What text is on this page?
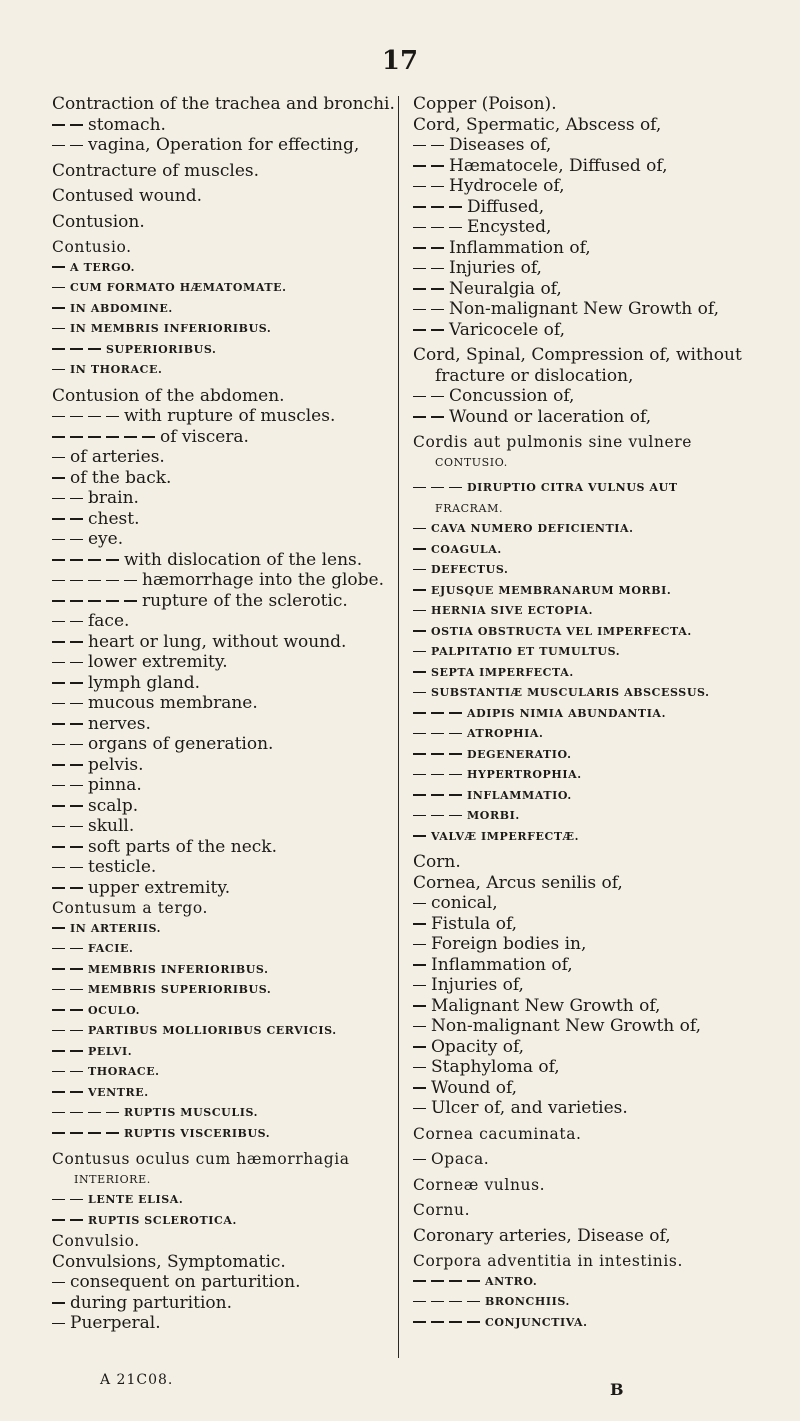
17
Contraction of the trachea and bronchi.
stomach.
vagina, Operation for effecting,
Contracture of muscles.
Contused wound.
Contusion.
Contusio.
A TERGO.
CUM FORMATO HÆMATOMATE.
IN ABDOMINE.
IN MEMBRIS INFERIORIBUS.
SUPERIORIBUS.
IN THORACE.
Contusion of the abdomen.
with rupture of muscles.
of viscera.
of arteries.
of the back.
brain.
chest.
eye.
with dislocation of the lens.
hæmorrhage into the globe.
rupture of the sclerotic.
face.
heart or lung, without wound.
lower extremity.
lymph gland.
mucous membrane.
nerves.
organs of generation.
pelvis.
pinna.
scalp.
skull.
soft parts of the neck.
testicle.
upper extremity.
Contusum a tergo.
IN ARTERIIS.
FACIE.
MEMBRIS INFERIORIBUS.
MEMBRIS SUPERIORIBUS.
OCULO.
PARTIBUS MOLLIORIBUS CERVICIS.
PELVI.
THORACE.
VENTRE.
RUPTIS MUSCULIS.
RUPTIS VISCERIBUS.
Contusus oculus cum hæmorrhagia
INTERIORE.
LENTE ELISA.
RUPTIS SCLEROTICA.
Convulsio.
Convulsions, Symptomatic.
consequent on parturition.
during parturition.
Puerperal.
Copper (Poison).
Cord, Spermatic, Abscess of,
Diseases of,
Hæmatocele, Diffused of,
Hydrocele of,
Diffused,
Encysted,
Inflammation of,
Injuries of,
Neuralgia of,
Non-malignant New Growth of,
Varicocele of,
Cord, Spinal, Compression of, without
fracture or dislocation,
Concussion of,
Wound or laceration of,
Cordis aut pulmonis sine vulnere
CONTUSIO.
DIRUPTIO CITRA VULNUS AUT
FRACRAM.
CAVA NUMERO DEFICIENTIA.
COAGULA.
DEFECTUS.
EJUSQUE MEMBRANARUM MORBI.
HERNIA SIVE ECTOPIA.
OSTIA OBSTRUCTA VEL IMPERFECTA.
PALPITATIO ET TUMULTUS.
SEPTA IMPERFECTA.
SUBSTANTIÆ MUSCULARIS ABSCESSUS.
ADIPIS NIMIA ABUNDANTIA.
ATROPHIA.
DEGENERATIO.
HYPERTROPHIA.
INFLAMMATIO.
MORBI.
VALVÆ IMPERFECTÆ.
Corn.
Cornea, Arcus senilis of,
conical,
Fistula of,
Foreign bodies in,
Inflammation of,
Injuries of,
Malignant New Growth of,
Non-malignant New Growth of,
Opacity of,
Staphyloma of,
Wound of,
Ulcer of, and varieties.
Cornea cacuminata.
Opaca.
Corneæ vulnus.
Cornu.
Coronary arteries, Disease of,
Corpora adventitia in intestinis.
ANTRO.
BRONCHIIS.
CONJUNCTIVA.
A 21C08.	B
